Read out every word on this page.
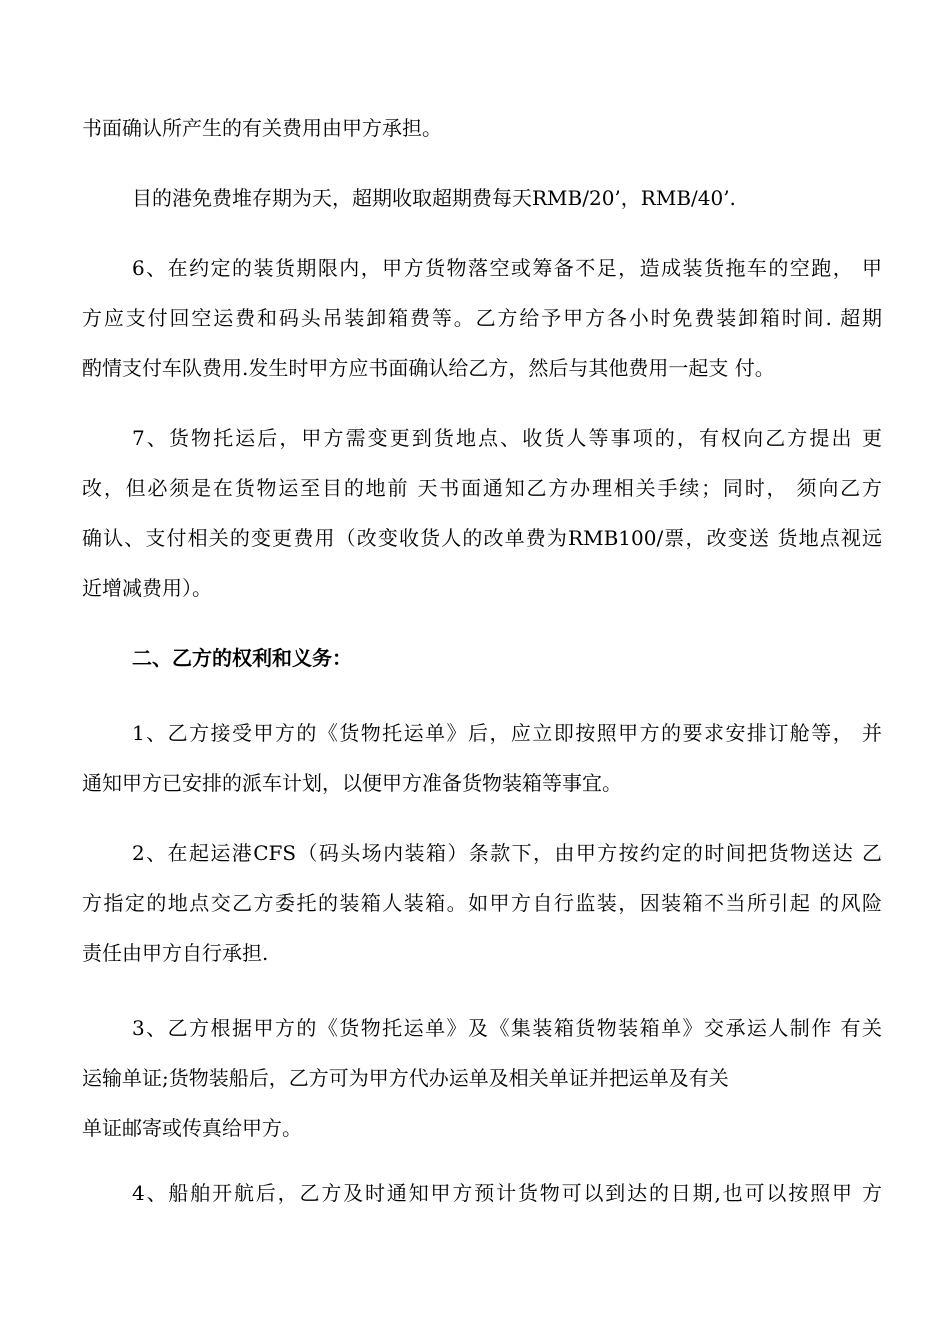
书面确认所产生的有关费用由甲方承担。
目的港免费堆存期为天，超期收取超期费每天RMB/20’，RMB/40’.
6、在约定的装货期限内，甲方货物落空或筹备不足，造成装货拖车的空跑， 甲
方应支付回空运费和码头吊装卸箱费等。乙方给予甲方各小时免费装卸箱时间. 超期
酌情支付车队费用.发生时甲方应书面确认给乙方，然后与其他费用一起支 付。
7、货物托运后，甲方需变更到货地点、收货人等事项的，有权向乙方提出 更
改，但必须是在货物运至目的地前 天书面通知乙方办理相关手续；同时， 须向乙方
确认、支付相关的变更费用（改变收货人的改单费为RMB100/票，改变送 货地点视远
近增减费用）。
二、乙方的权利和义务：
1、乙方接受甲方的《货物托运单》后，应立即按照甲方的要求安排订舱等， 并
通知甲方已安排的派车计划，以便甲方准备货物装箱等事宜。
2、在起运港CFS（码头场内装箱）条款下，由甲方按约定的时间把货物送达 乙
方指定的地点交乙方委托的装箱人装箱。如甲方自行监装，因装箱不当所引起 的风险
责任由甲方自行承担.
3、乙方根据甲方的《货物托运单》及《集装箱货物装箱单》交承运人制作 有关
运输单证;货物装船后，乙方可为甲方代办运单及相关单证并把运单及有关
单证邮寄或传真给甲方。
4、船舶开航后，乙方及时通知甲方预计货物可以到达的日期,也可以按照甲 方
